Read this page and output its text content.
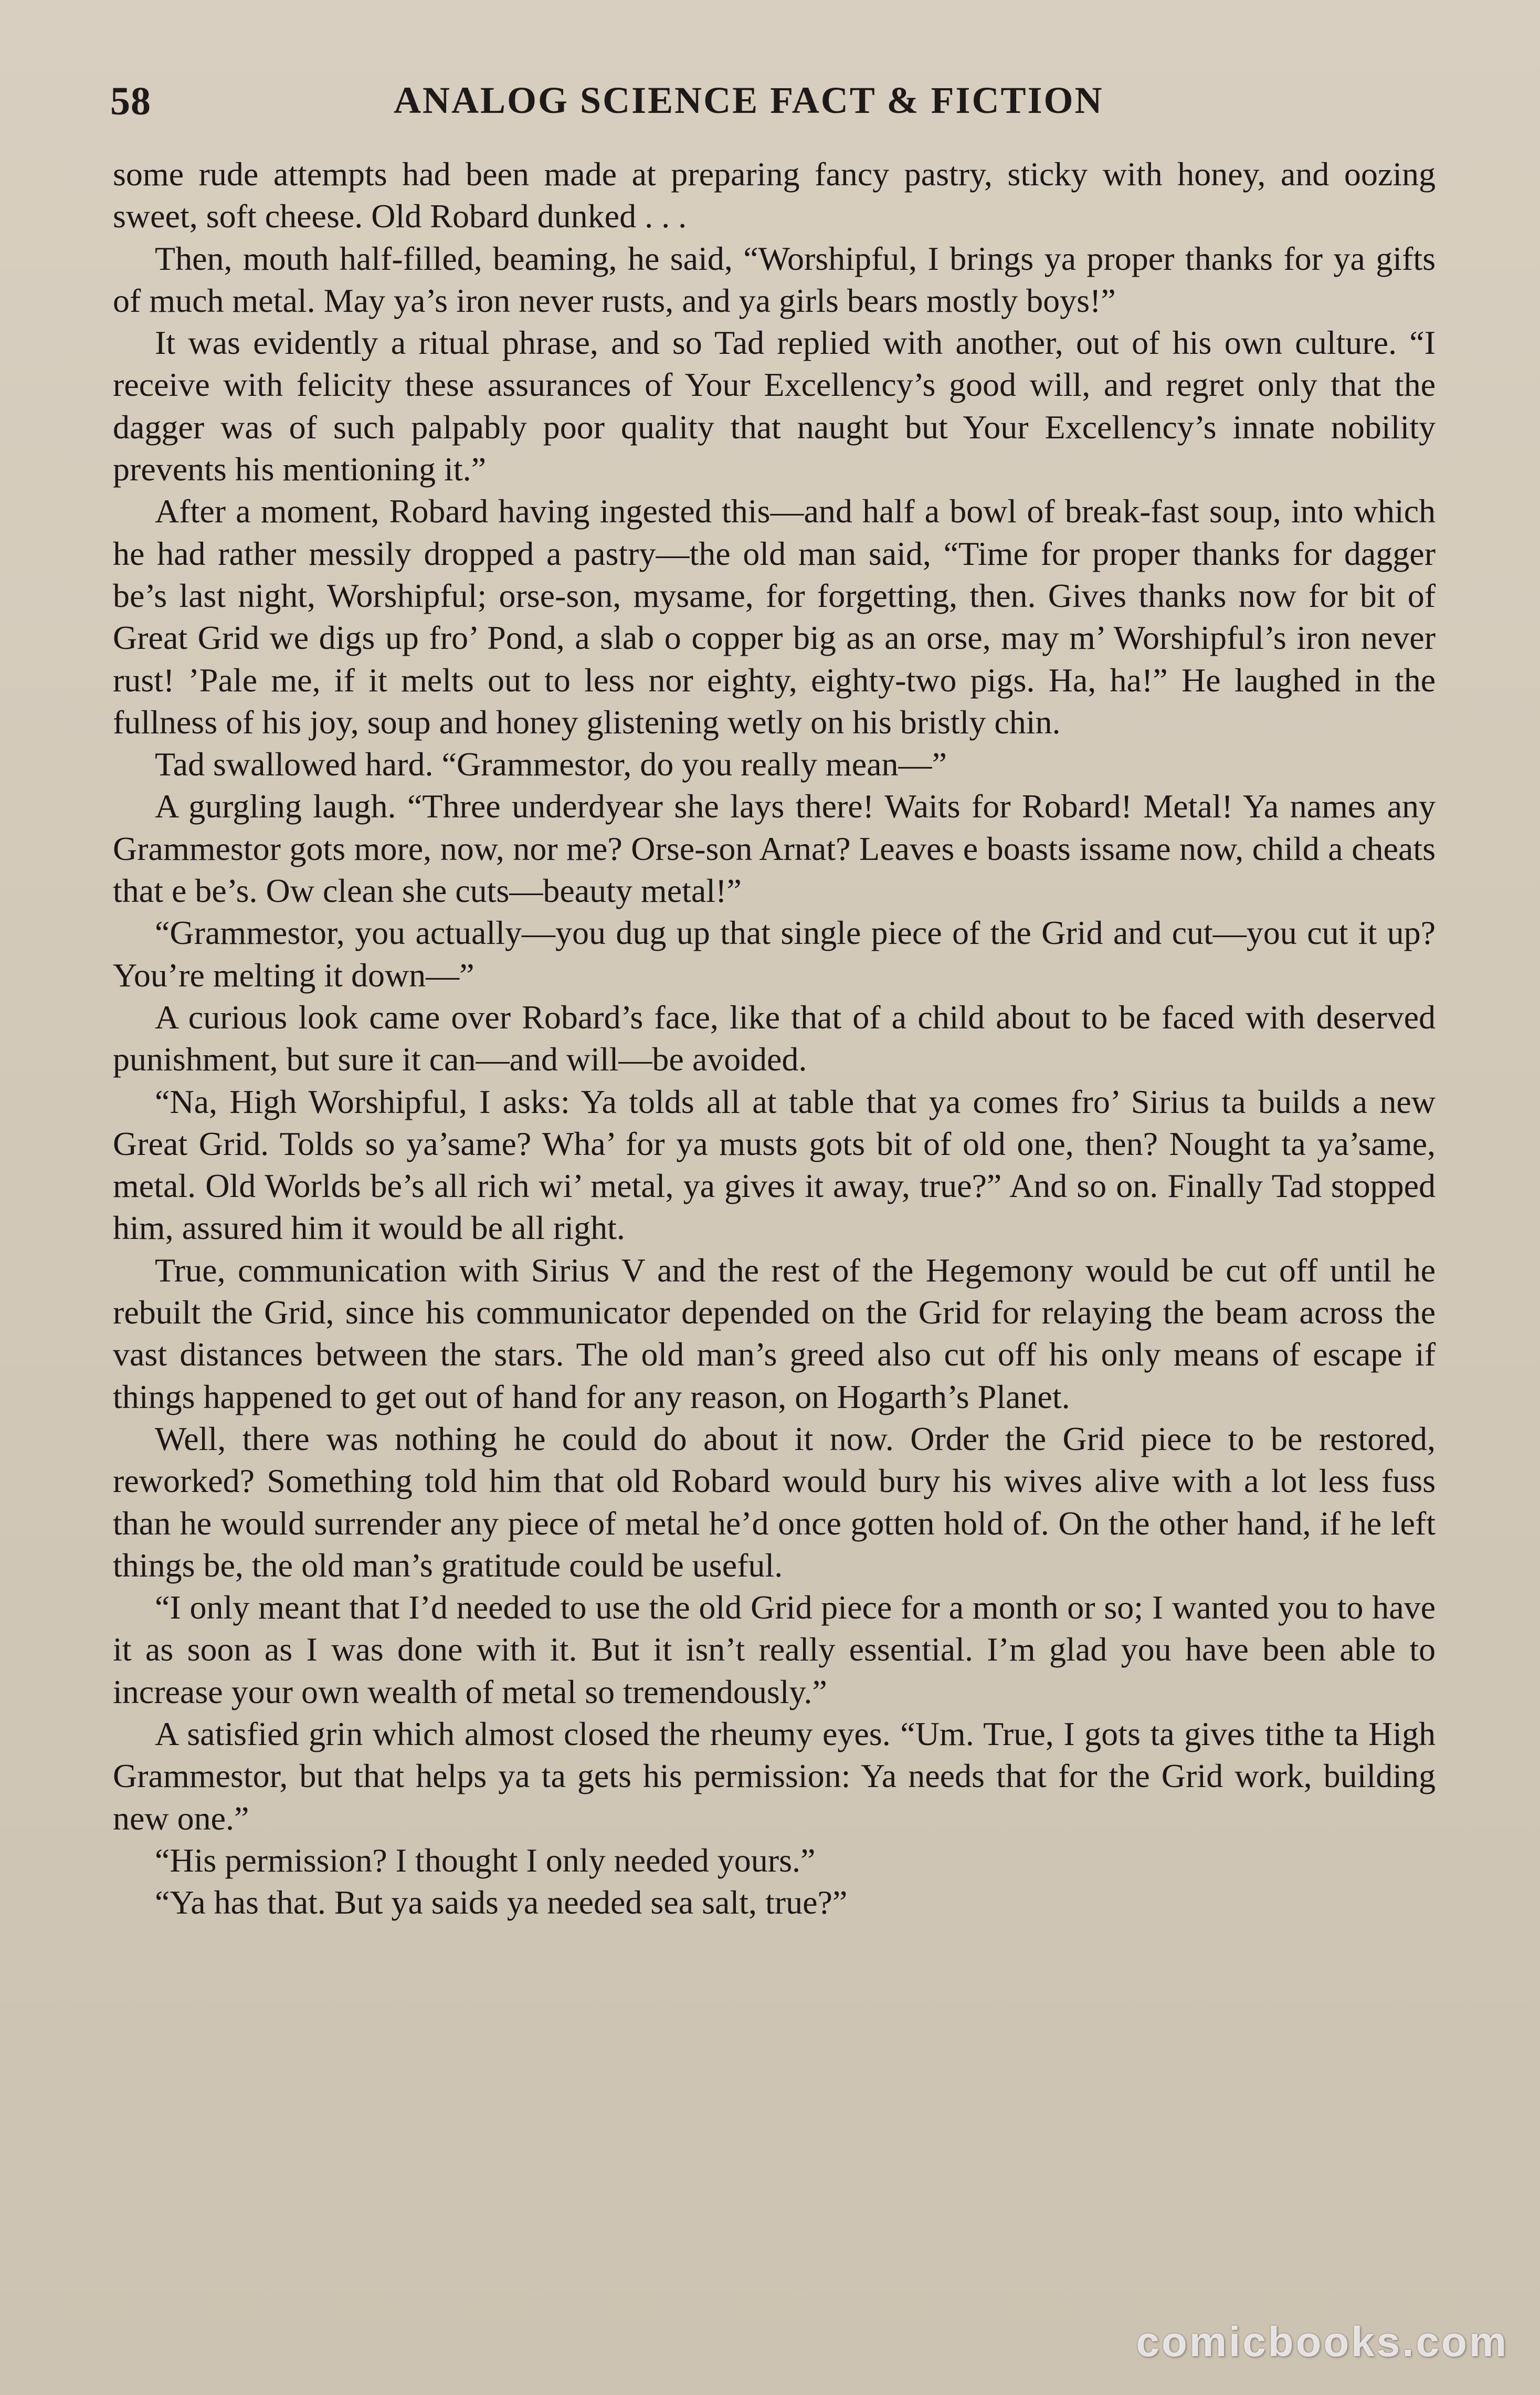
58	ANALOG SCIENCE FACT & FICTION

some rude attempts had been made at preparing fancy pastry, sticky with honey, and oozing sweet, soft cheese. Old Robard dunked . . .

Then, mouth half-filled, beaming, he said, “Worshipful, I brings ya proper thanks for ya gifts of much metal. May ya’s iron never rusts, and ya girls bears mostly boys!”

It was evidently a ritual phrase, and so Tad replied with another, out of his own culture. “I receive with felicity these assurances of Your Excellency’s good will, and regret only that the dagger was of such palpably poor quality that naught but Your Excellency’s innate nobility prevents his mentioning it.”

After a moment, Robard having ingested this—and half a bowl of break-fast soup, into which he had rather messily dropped a pastry—the old man said, “Time for proper thanks for dagger be’s last night, Worshipful; orse-son, mysame, for forgetting, then. Gives thanks now for bit of Great Grid we digs up fro’ Pond, a slab o copper big as an orse, may m’ Worshipful’s iron never rust! ’Pale me, if it melts out to less nor eighty, eighty-two pigs. Ha, ha!” He laughed in the fullness of his joy, soup and honey glistening wetly on his bristly chin.

Tad swallowed hard. “Grammestor, do you really mean—”

A gurgling laugh. “Three underdyear she lays there! Waits for Robard! Metal! Ya names any Grammestor gots more, now, nor me? Orse-son Arnat? Leaves e boasts issame now, child a cheats that e be’s. Ow clean she cuts—beauty metal!”

“Grammestor, you actually—you dug up that single piece of the Grid and cut—you cut it up? You’re melting it down—”

A curious look came over Robard’s face, like that of a child about to be faced with deserved punishment, but sure it can—and will—be avoided.

“Na, High Worshipful, I asks: Ya tolds all at table that ya comes fro’ Sirius ta builds a new Great Grid. Tolds so ya’same? Wha’ for ya musts gots bit of old one, then? Nought ta ya’same, metal. Old Worlds be’s all rich wi’ metal, ya gives it away, true?” And so on. Finally Tad stopped him, assured him it would be all right.

True, communication with Sirius V and the rest of the Hegemony would be cut off until he rebuilt the Grid, since his communicator depended on the Grid for relaying the beam across the vast distances between the stars. The old man’s greed also cut off his only means of escape if things happened to get out of hand for any reason, on Hogarth’s Planet.

Well, there was nothing he could do about it now. Order the Grid piece to be restored, reworked? Something told him that old Robard would bury his wives alive with a lot less fuss than he would surrender any piece of metal he’d once gotten hold of. On the other hand, if he left things be, the old man’s gratitude could be useful.

“I only meant that I’d needed to use the old Grid piece for a month or so; I wanted you to have it as soon as I was done with it. But it isn’t really essential. I’m glad you have been able to increase your own wealth of metal so tremendously.”

A satisfied grin which almost closed the rheumy eyes. “Um. True, I gots ta gives tithe ta High Grammestor, but that helps ya ta gets his permission: Ya needs that for the Grid work, building new one.”

“His permission? I thought I only needed yours.”

“Ya has that. But ya saids ya needed sea salt, true?”

comicbooks.com
